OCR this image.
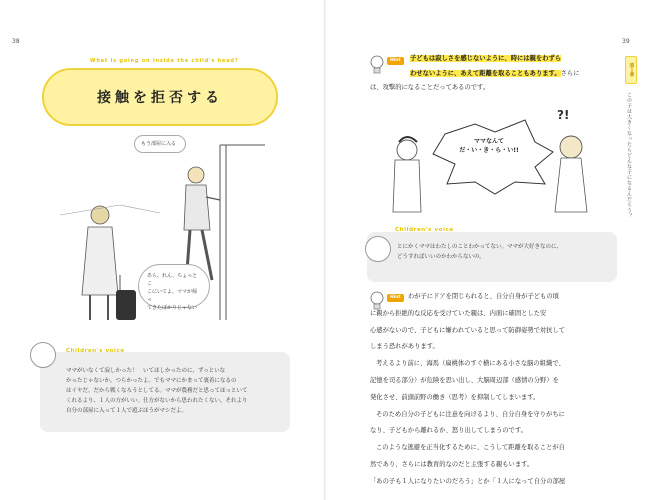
38
What is going on inside the child's head?
接触を拒否する
もう部屋に入る
あら、れん、ちょっとこ
こにいてよ。ママが帰っ
てきたばかりじゃない
Children's voice
ママがいなくて寂しかった！　いてほしかったのに、ずっといな
かったじゃないか。つらかったよ。でもママにかまって裏着になるの
はイヤだ。だから戦くなろうとしてる。ママが農務だと思ってほっといて
くれるより、１人の方がいい。仕方がないから思われたくない。それより
自分の部屋に入って１人で遊ぶほうがマシだよ。
39
Hint	子どもは寂しさを感じないように、時には親をわずら
わせないように、あえて距離を取ることもあります。さらに
は、攻撃的になることだってあるのです。
ママなんて
だ・い・き・ら・い!!
?!
Children's voice
とにかくママはわたしのことわかってない。ママが大好きなのに、
どうすればいいのかわからないの。
Hint	わが子にドアを閉じられると、自分自身が子どもの頃
に親から拒絶的な反応を受けていた親は、内面に確固とした安
心感がないので、子どもに嫌われていると思って防御姿勢で対抗して
しまう恐れがあります。
考えるより前に、海馬（扁桃体のすぐ横にある小さな脳の組織で、
記憶を司る部分）が危険を思い出し、大脳周辺部（感情の分野）を
発化させ、前頭前野の働き（思考）を抑制してしまいます。
そのため自分の子どもに注意を向けるより、自分自身を守りがちに
なり、子どもから離れるか、怒り出してしまうのです。
このような逃避を正当化するために、こうして距離を取ることが自
然であり、さらには教育的なのだと主張する親もいます。
「あの子も１人になりたいのだろう」とか「１人になって自分の部屋
第１章
この子は大きくなったらどんな子になるんだろう？
